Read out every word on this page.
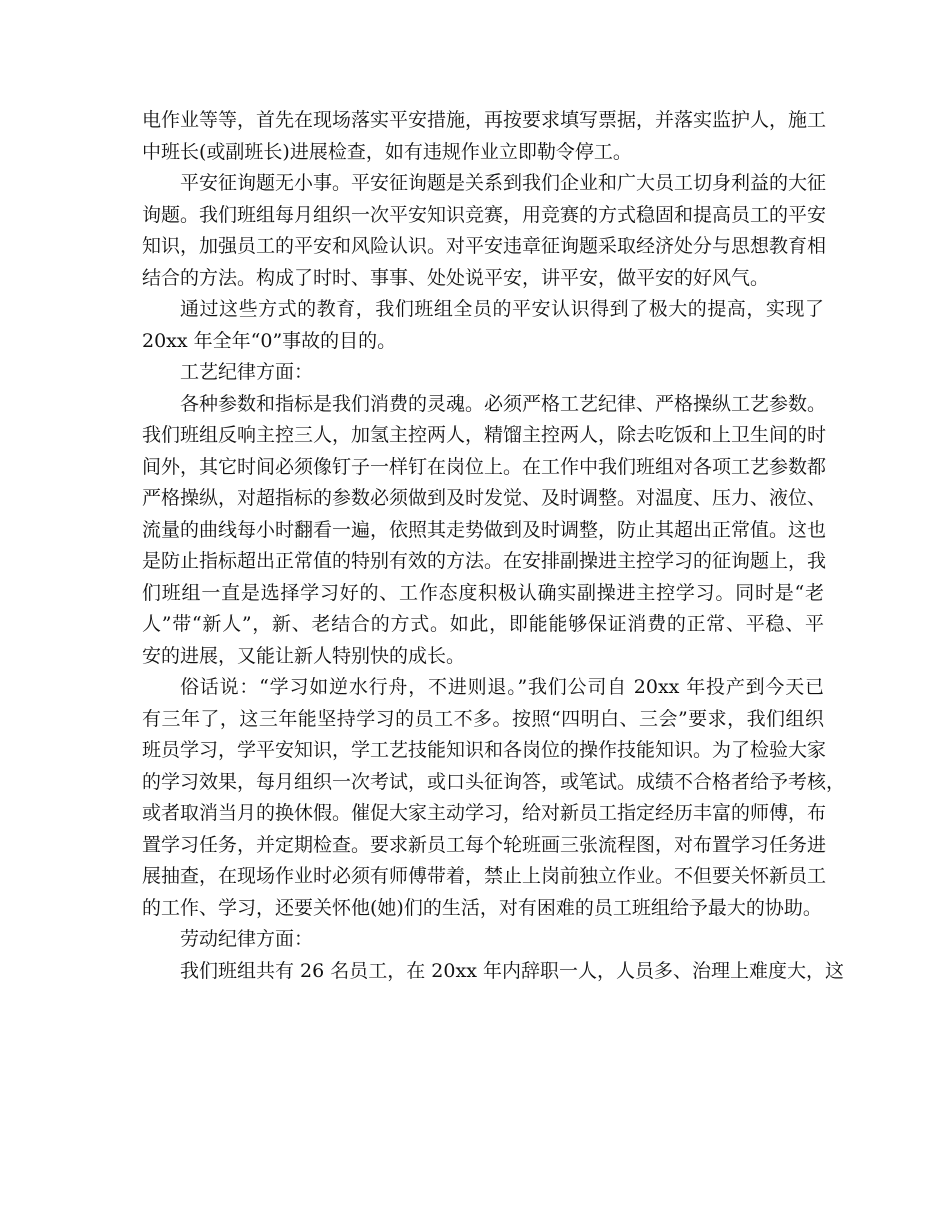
电作业等等，首先在现场落实平安措施，再按要求填写票据，并落实监护人，施工
中班长(或副班长)进展检查，如有违规作业立即勒令停工。

平安征询题无小事。平安征询题是关系到我们企业和广大员工切身利益的大征
询题。我们班组每月组织一次平安知识竞赛，用竞赛的方式稳固和提高员工的平安
知识，加强员工的平安和风险认识。对平安违章征询题采取经济处分与思想教育相
结合的方法。构成了时时、事事、处处说平安，讲平安，做平安的好风气。

通过这些方式的教育，我们班组全员的平安认识得到了极大的提高，实现了
20xx 年全年“0”事故的目的。

工艺纪律方面：

各种参数和指标是我们消费的灵魂。必须严格工艺纪律、严格操纵工艺参数。
我们班组反响主控三人，加氢主控两人，精馏主控两人，除去吃饭和上卫生间的时
间外，其它时间必须像钉子一样钉在岗位上。在工作中我们班组对各项工艺参数都
严格操纵，对超指标的参数必须做到及时发觉、及时调整。对温度、压力、液位、
流量的曲线每小时翻看一遍，依照其走势做到及时调整，防止其超出正常值。这也
是防止指标超出正常值的特别有效的方法。在安排副操进主控学习的征询题上，我
们班组一直是选择学习好的、工作态度积极认确实副操进主控学习。同时是“老
人”带“新人”，新、老结合的方式。如此，即能能够保证消费的正常、平稳、平
安的进展，又能让新人特别快的成长。

俗话说：“学习如逆水行舟，不进则退。”我们公司自 20xx 年投产到今天已
有三年了，这三年能坚持学习的员工不多。按照“四明白、三会”要求，我们组织
班员学习，学平安知识，学工艺技能知识和各岗位的操作技能知识。为了检验大家
的学习效果，每月组织一次考试，或口头征询答，或笔试。成绩不合格者给予考核，
或者取消当月的换休假。催促大家主动学习，给对新员工指定经历丰富的师傅，布
置学习任务，并定期检查。要求新员工每个轮班画三张流程图，对布置学习任务进
展抽查，在现场作业时必须有师傅带着，禁止上岗前独立作业。不但要关怀新员工
的工作、学习，还要关怀他(她)们的生活，对有困难的员工班组给予最大的协助。

劳动纪律方面：

我们班组共有 26 名员工，在 20xx 年内辞职一人，人员多、治理上难度大，这
